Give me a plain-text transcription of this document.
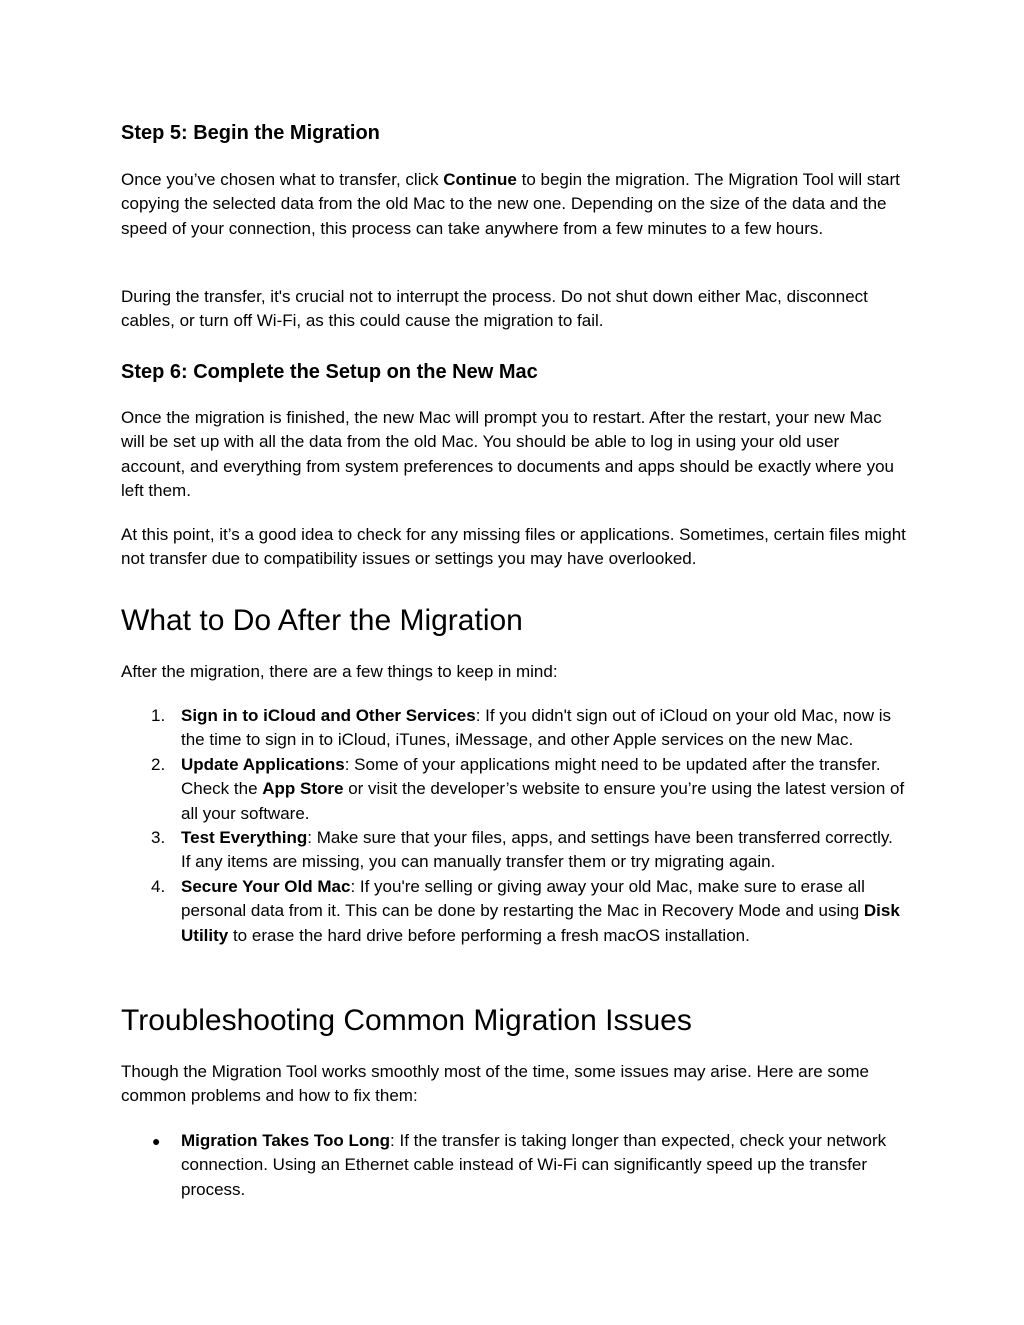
Step 5: Begin the Migration

Once you’ve chosen what to transfer, click Continue to begin the migration. The Migration Tool will start copying the selected data from the old Mac to the new one. Depending on the size of the data and the speed of your connection, this process can take anywhere from a few minutes to a few hours.

During the transfer, it's crucial not to interrupt the process. Do not shut down either Mac, disconnect cables, or turn off Wi-Fi, as this could cause the migration to fail.

Step 6: Complete the Setup on the New Mac

Once the migration is finished, the new Mac will prompt you to restart. After the restart, your new Mac will be set up with all the data from the old Mac. You should be able to log in using your old user account, and everything from system preferences to documents and apps should be exactly where you left them.

At this point, it’s a good idea to check for any missing files or applications. Sometimes, certain files might not transfer due to compatibility issues or settings you may have overlooked.

What to Do After the Migration

After the migration, there are a few things to keep in mind:

1. Sign in to iCloud and Other Services: If you didn't sign out of iCloud on your old Mac, now is the time to sign in to iCloud, iTunes, iMessage, and other Apple services on the new Mac.
2. Update Applications: Some of your applications might need to be updated after the transfer. Check the App Store or visit the developer’s website to ensure you’re using the latest version of all your software.
3. Test Everything: Make sure that your files, apps, and settings have been transferred correctly. If any items are missing, you can manually transfer them or try migrating again.
4. Secure Your Old Mac: If you're selling or giving away your old Mac, make sure to erase all personal data from it. This can be done by restarting the Mac in Recovery Mode and using Disk Utility to erase the hard drive before performing a fresh macOS installation.
Troubleshooting Common Migration Issues

Though the Migration Tool works smoothly most of the time, some issues may arise. Here are some common problems and how to fix them:

● Migration Takes Too Long: If the transfer is taking longer than expected, check your network connection. Using an Ethernet cable instead of Wi-Fi can significantly speed up the transfer process.
